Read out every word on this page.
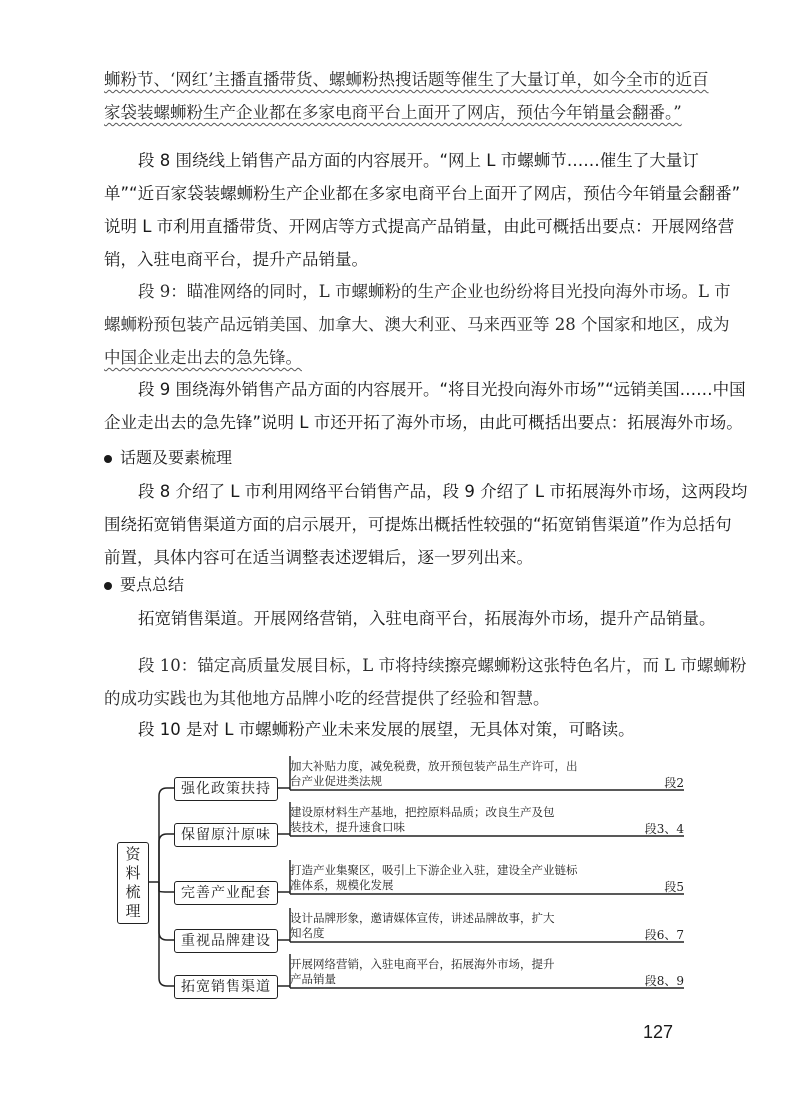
蛳粉节、‘网红’主播直播带货、螺蛳粉热搜话题等催生了大量订单，如今全市的近百
家袋装螺蛳粉生产企业都在多家电商平台上面开了网店，预估今年销量会翻番。”
段 8 围绕线上销售产品方面的内容展开。“网上 L 市螺蛳节……催生了大量订
单”“近百家袋装螺蛳粉生产企业都在多家电商平台上面开了网店，预估今年销量会翻番”
说明 L 市利用直播带货、开网店等方式提高产品销量，由此可概括出要点：开展网络营
销，入驻电商平台，提升产品销量。
段 9：瞄准网络的同时，L 市螺蛳粉的生产企业也纷纷将目光投向海外市场。L 市
螺蛳粉预包装产品远销美国、加拿大、澳大利亚、马来西亚等 28 个国家和地区，成为
中国企业走出去的急先锋。
段 9 围绕海外销售产品方面的内容展开。“将目光投向海外市场”“远销美国……中国
企业走出去的急先锋”说明 L 市还开拓了海外市场，由此可概括出要点：拓展海外市场。
话题及要素梳理
段 8 介绍了 L 市利用网络平台销售产品，段 9 介绍了 L 市拓展海外市场，这两段均
围绕拓宽销售渠道方面的启示展开，可提炼出概括性较强的“拓宽销售渠道”作为总括句
前置，具体内容可在适当调整表述逻辑后，逐一罗列出来。
要点总结
拓宽销售渠道。开展网络营销，入驻电商平台，拓展海外市场，提升产品销量。
段 10：锚定高质量发展目标，L 市将持续擦亮螺蛳粉这张特色名片，而 L 市螺蛳粉
的成功实践也为其他地方品牌小吃的经营提供了经验和智慧。
段 10 是对 L 市螺蛳粉产业未来发展的展望，无具体对策，可略读。
资
料
梳
理
强化政策扶持
加大补贴力度，减免税费，放开预包装产品生产许可，出
台产业促进类法规	段2
保留原汁原味
建设原材料生产基地，把控原料品质；改良生产及包
装技术，提升速食口味	段3、4
完善产业配套
打造产业集聚区，吸引上下游企业入驻，建设全产业链标
准体系，规模化发展	段5
重视品牌建设
设计品牌形象，邀请媒体宣传，讲述品牌故事，扩大
知名度	段6、7
拓宽销售渠道
开展网络营销，入驻电商平台，拓展海外市场，提升
产品销量	段8、9
127
